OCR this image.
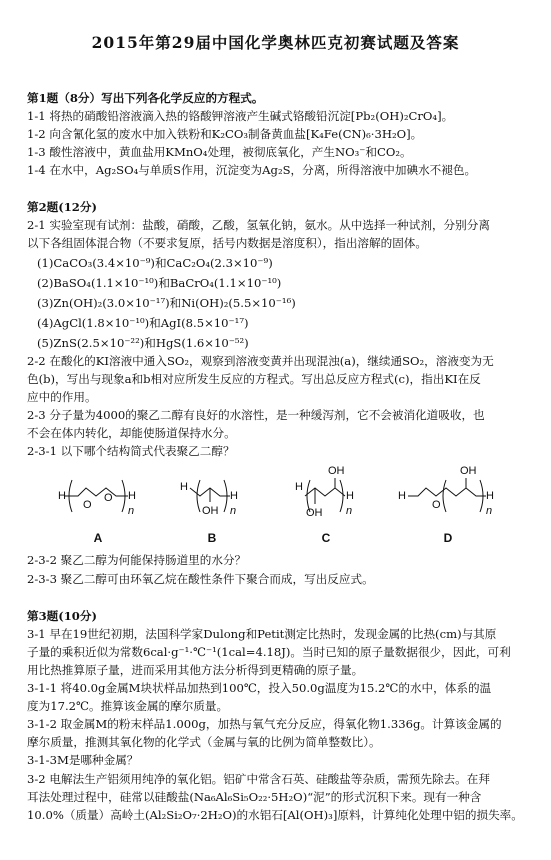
2015年第29届中国化学奥林匹克初赛试题及答案
第1题（8分）写出下列各化学反应的方程式。
1-1 将热的硝酸铅溶液滴入热的铬酸钾溶液产生碱式铬酸铅沉淀[Pb₂(OH)₂CrO₄]。
1-2 向含氰化氢的废水中加入铁粉和K₂CO₃制备黄血盐[K₄Fe(CN)₆·3H₂O]。
1-3 酸性溶液中，黄血盐用KMnO₄处理，被彻底氧化，产生NO₃⁻和CO₂。
1-4 在水中，Ag₂SO₄与单质S作用，沉淀变为Ag₂S，分离，所得溶液中加碘水不褪色。
第2题(12分)
2-1 实验室现有试剂：盐酸，硝酸，乙酸，氢氧化钠，氨水。从中选择一种试剂，分别分离
以下各组固体混合物（不要求复原，括号内数据是溶度积），指出溶解的固体。
(1)CaCO₃(3.4×10⁻⁹)和CaC₂O₄(2.3×10⁻⁹)
(2)BaSO₄(1.1×10⁻¹⁰)和BaCrO₄(1.1×10⁻¹⁰)
(3)Zn(OH)₂(3.0×10⁻¹⁷)和Ni(OH)₂(5.5×10⁻¹⁶)
(4)AgCl(1.8×10⁻¹⁰)和AgI(8.5×10⁻¹⁷)
(5)ZnS(2.5×10⁻²²)和HgS(1.6×10⁻⁵²)
2-2 在酸化的KI溶液中通入SO₂，观察到溶液变黄并出现混浊(a)，继续通SO₂，溶液变为无
色(b)，写出与现象a和b相对应所发生反应的方程式。写出总反应方程式(c)，指出KI在反
应中的作用。
2-3 分子量为4000的聚乙二醇有良好的水溶性，是一种缓泻剂，它不会被消化道吸收，也
不会在体内转化，却能使肠道保持水分。
2-3-1 以下哪个结构简式代表聚乙二醇？
2-3-2 聚乙二醇为何能保持肠道里的水分？
2-3-3 聚乙二醇可由环氧乙烷在酸性条件下聚合而成，写出反应式。
第3题(10分)
3-1 早在19世纪初期，法国科学家Dulong和Petit测定比热时，发现金属的比热(cm)与其原
子量的乘积近似为常数6cal·g⁻¹·℃⁻¹(1cal=4.18J)。当时已知的原子量数据很少，因此，可利
用比热推算原子量，进而采用其他方法分析得到更精确的原子量。
3-1-1 将40.0g金属M块状样品加热到100℃，投入50.0g温度为15.2℃的水中，体系的温
度为17.2℃。推算该金属的摩尔质量。
3-1-2 取金属M的粉末样品1.000g，加热与氧气充分反应，得氧化物1.336g。计算该金属的
摩尔质量，推测其氧化物的化学式（金属与氧的比例为简单整数比）。
3-1-3M是哪种金属？
3-2 电解法生产铝须用纯净的氧化铝。铝矿中常含石英、硅酸盐等杂质，需预先除去。在拜
耳法处理过程中，硅常以硅酸盐(Na₆Al₆Si₅O₂₂·5H₂O)“泥”的形式沉积下来。现有一种含
10.0%（质量）高岭土(Al₂Si₂O₇·2H₂O)的水铝石[Al(OH)₃]原料，计算纯化处理中铝的损失率。
H
O
O H
n
H
OH
H
n
H
OH
OH
H
n
H
O
OH
H
n
A	B	C	D
